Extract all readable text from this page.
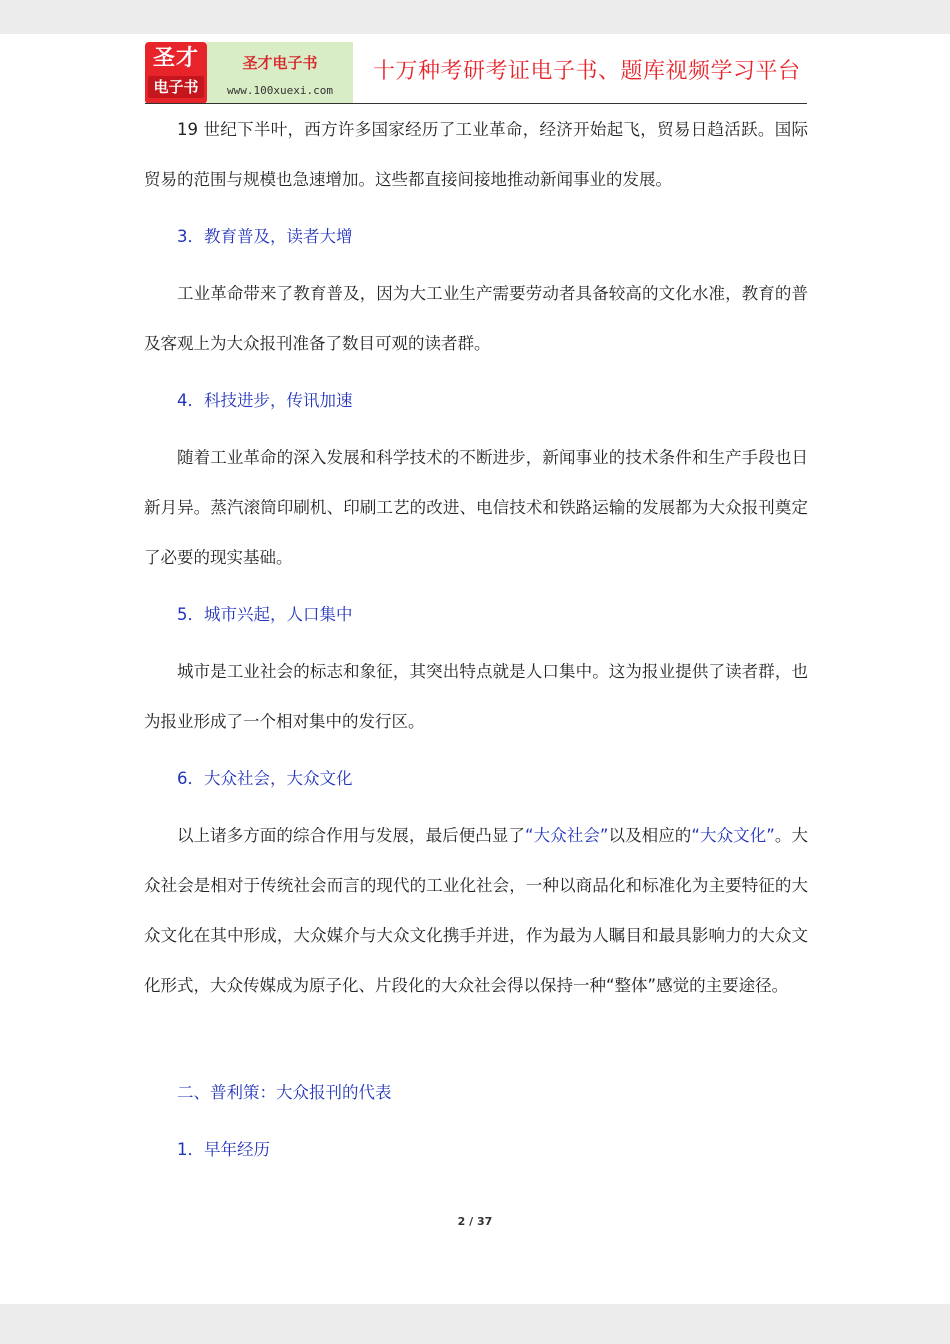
圣才
电子书
圣才电子书
www.100xuexi.com
十万种考研考证电子书、题库视频学习平台

19 世纪下半叶，西方许多国家经历了工业革命，经济开始起飞，贸易日趋活跃。国际贸易的范围与规模也急速增加。这些都直接间接地推动新闻事业的发展。

3．教育普及，读者大增

工业革命带来了教育普及，因为大工业生产需要劳动者具备较高的文化水准，教育的普及客观上为大众报刊准备了数目可观的读者群。

4．科技进步，传讯加速

随着工业革命的深入发展和科学技术的不断进步，新闻事业的技术条件和生产手段也日新月异。蒸汽滚筒印刷机、印刷工艺的改进、电信技术和铁路运输的发展都为大众报刊奠定了必要的现实基础。

5．城市兴起，人口集中

城市是工业社会的标志和象征，其突出特点就是人口集中。这为报业提供了读者群，也为报业形成了一个相对集中的发行区。

6．大众社会，大众文化

以上诸多方面的综合作用与发展，最后便凸显了“大众社会”以及相应的“大众文化”。大众社会是相对于传统社会而言的现代的工业化社会，一种以商品化和标准化为主要特征的大众文化在其中形成，大众媒介与大众文化携手并进，作为最为人瞩目和最具影响力的大众文化形式，大众传媒成为原子化、片段化的大众社会得以保持一种“整体”感觉的主要途径。

二、普利策：大众报刊的代表

1．早年经历

2 / 37
